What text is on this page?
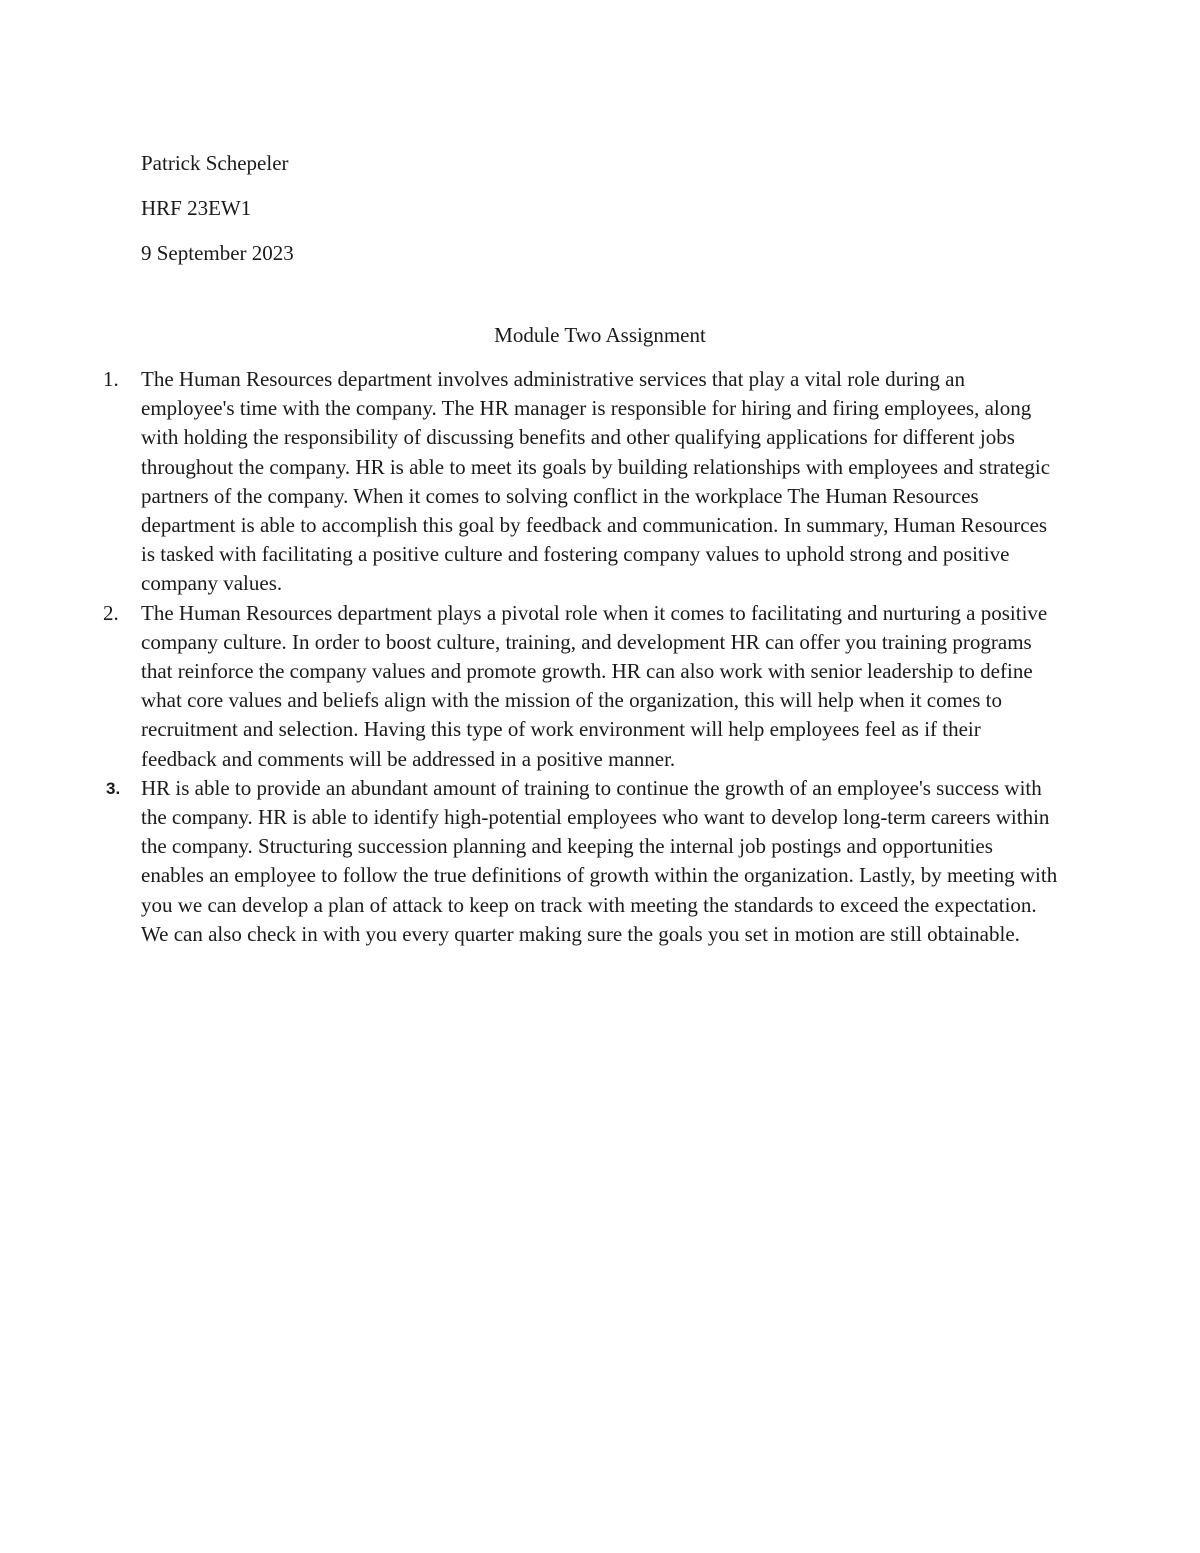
Patrick Schepeler
HRF 23EW1
9 September 2023
Module Two Assignment
1.	The Human Resources department involves administrative services that play a vital role during an employee's time with the company. The HR manager is responsible for hiring and firing employees, along with holding the responsibility of discussing benefits and other qualifying applications for different jobs throughout the company. HR is able to meet its goals by building relationships with employees and strategic partners of the company. When it comes to solving conflict in the workplace The Human Resources department is able to accomplish this goal by feedback and communication. In summary, Human Resources is tasked with facilitating a positive culture and fostering company values to uphold strong and positive company values.
2.	The Human Resources department plays a pivotal role when it comes to facilitating and nurturing a positive company culture. In order to boost culture, training, and development HR can offer you training programs that reinforce the company values and promote growth. HR can also work with senior leadership to define what core values and beliefs align with the mission of the organization, this will help when it comes to recruitment and selection. Having this type of work environment will help employees feel as if their feedback and comments will be addressed in a positive manner.
3. HR is able to provide an abundant amount of training to continue the growth of an employee's success with the company. HR is able to identify high-potential employees who want to develop long-term careers within the company. Structuring succession planning and keeping the internal job postings and opportunities enables an employee to follow the true definitions of growth within the organization. Lastly, by meeting with you we can develop a plan of attack to keep on track with meeting the standards to exceed the expectation. We can also check in with you every quarter making sure the goals you set in motion are still obtainable.
